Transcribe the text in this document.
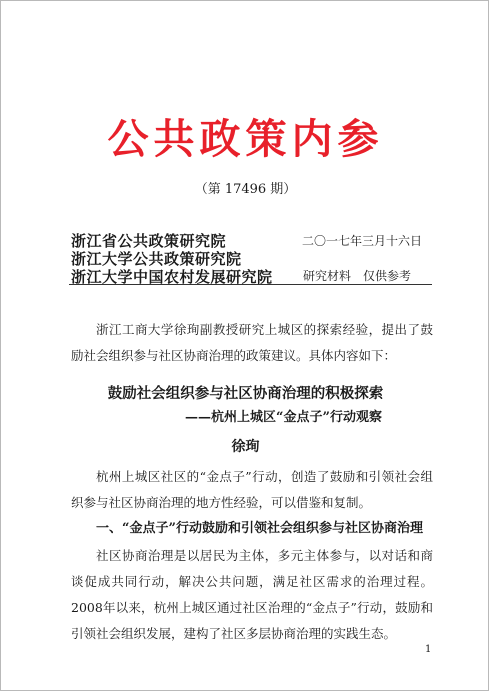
公共政策内参
（第 17496 期）
浙江省公共政策研究院
浙江大学公共政策研究院
浙江大学中国农村发展研究院
二〇一七年三月十六日
研究材料　仅供参考

浙江工商大学徐珣副教授研究上城区的探索经验，提出了鼓励社会组织参与社区协商治理的政策建议。具体内容如下：

鼓励社会组织参与社区协商治理的积极探索
——杭州上城区“金点子”行动观察
徐珣

杭州上城区社区的“金点子”行动，创造了鼓励和引领社会组织参与社区协商治理的地方性经验，可以借鉴和复制。

一、“金点子”行动鼓励和引领社会组织参与社区协商治理

社区协商治理是以居民为主体，多元主体参与，以对话和商谈促成共同行动，解决公共问题，满足社区需求的治理过程。2008年以来，杭州上城区通过社区治理的“金点子”行动，鼓励和引领社会组织发展，建构了社区多层协商治理的实践生态。

1
